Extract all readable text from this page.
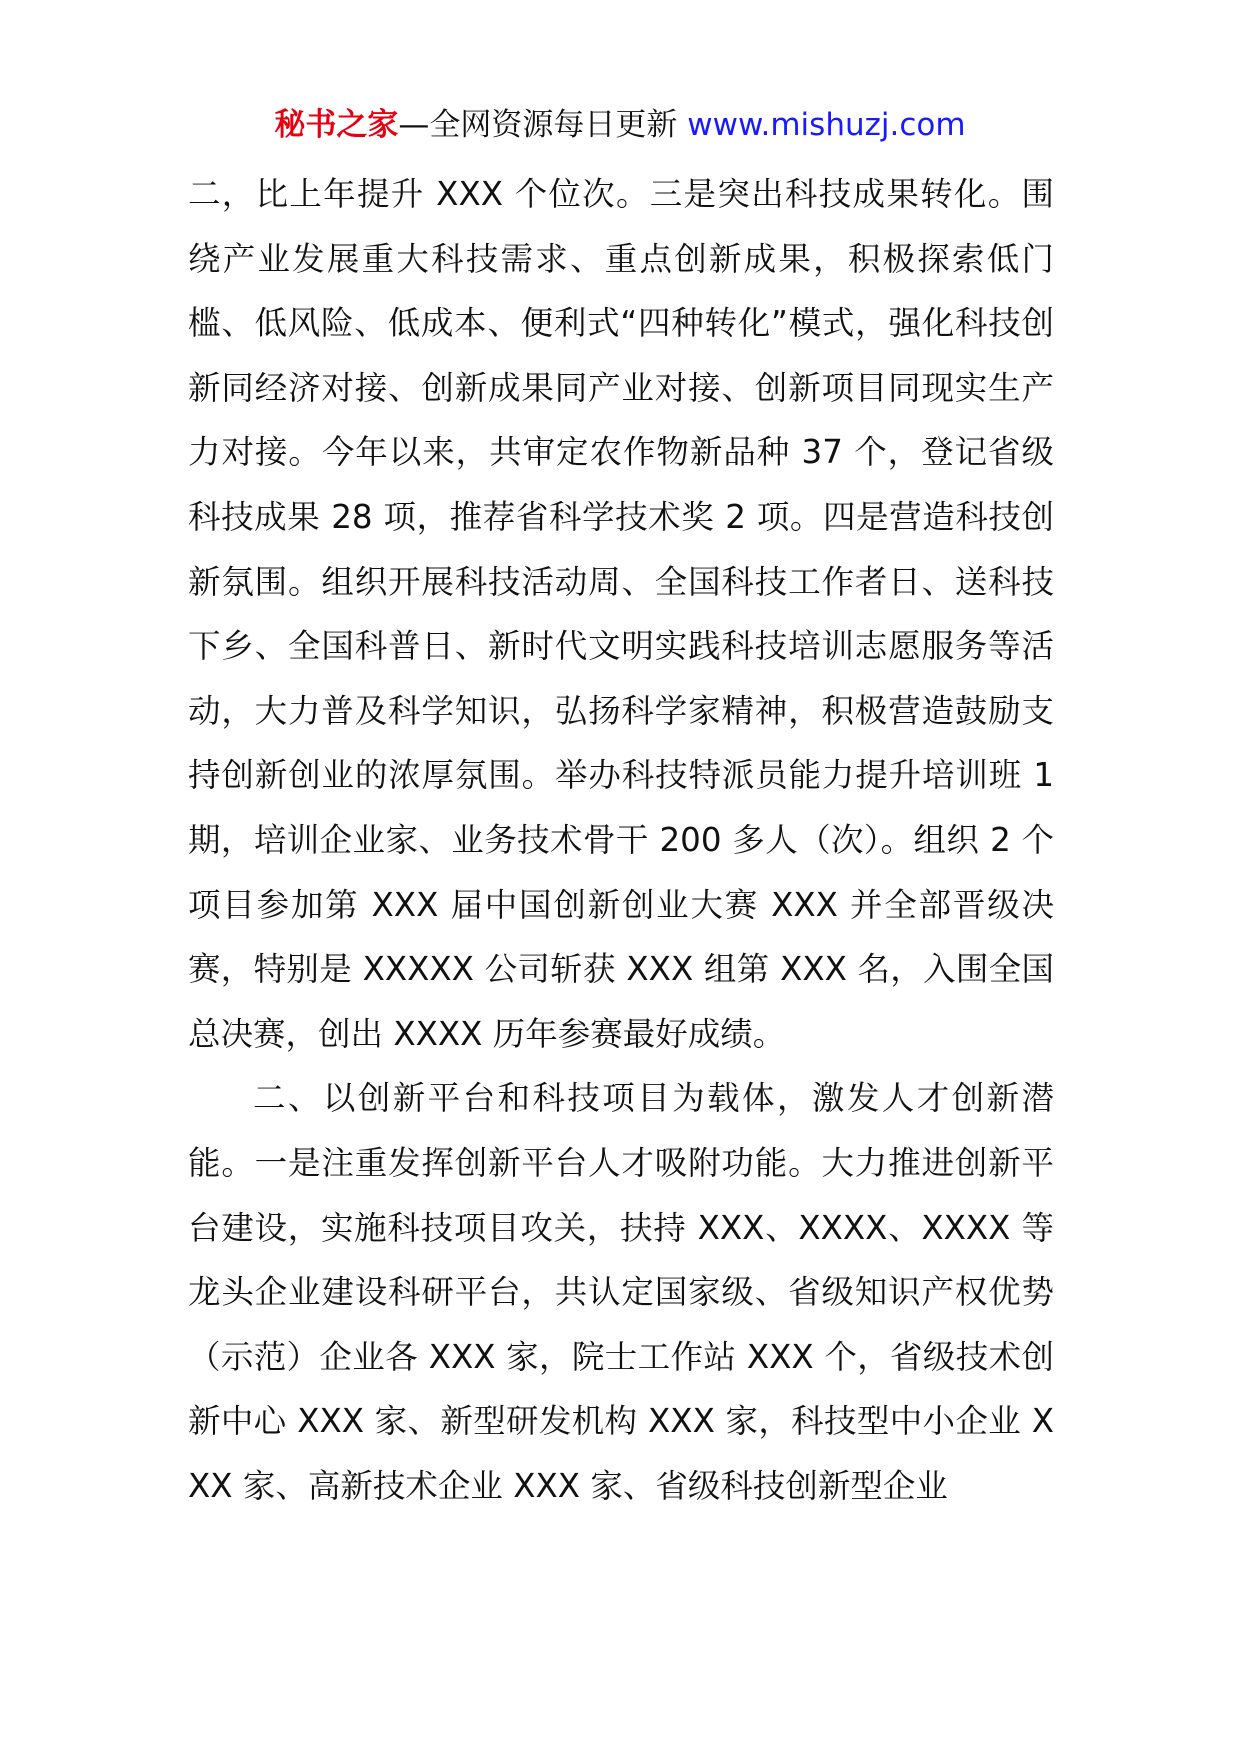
秘书之家—全网资源每日更新 www.mishuzj.com

二，比上年提升 XXX 个位次。三是突出科技成果转化。围绕产业发展重大科技需求、重点创新成果，积极探索低门槛、低风险、低成本、便利式“四种转化”模式，强化科技创新同经济对接、创新成果同产业对接、创新项目同现实生产力对接。今年以来，共审定农作物新品种 37 个，登记省级科技成果 28 项，推荐省科学技术奖 2 项。四是营造科技创新氛围。组织开展科技活动周、全国科技工作者日、送科技下乡、全国科普日、新时代文明实践科技培训志愿服务等活动，大力普及科学知识，弘扬科学家精神，积极营造鼓励支持创新创业的浓厚氛围。举办科技特派员能力提升培训班 1 期，培训企业家、业务技术骨干 200 多人（次）。组织 2 个项目参加第 XXX 届中国创新创业大赛 XXX 并全部晋级决赛，特别是 XXXXX 公司斩获 XXX 组第 XXX 名，入围全国总决赛，创出 XXXX 历年参赛最好成绩。

二、以创新平台和科技项目为载体，激发人才创新潜能。一是注重发挥创新平台人才吸附功能。大力推进创新平台建设，实施科技项目攻关，扶持 XXX、XXXX、XXXX 等龙头企业建设科研平台，共认定国家级、省级知识产权优势（示范）企业各 XXX 家，院士工作站 XXX 个，省级技术创新中心 XXX 家、新型研发机构 XXX 家，科技型中小企业 XXX 家、高新技术企业 XXX 家、省级科技创新型企业
